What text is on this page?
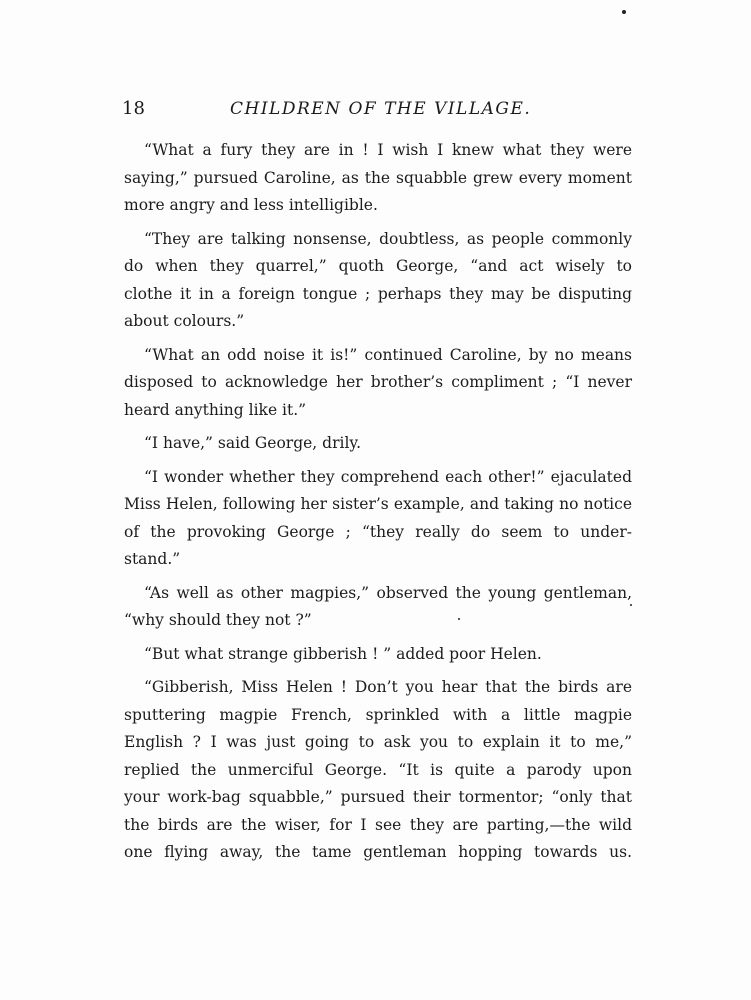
18	CHILDREN OF THE VILLAGE.
“What a fury they are in ! I wish I knew what they were
saying,” pursued Caroline, as the squabble grew every moment
more angry and less intelligible.
“They are talking nonsense, doubtless, as people commonly
do when they quarrel,” quoth George, “and act wisely to
clothe it in a foreign tongue ; perhaps they may be disputing
about colours.”
“What an odd noise it is!” continued Caroline, by no means
disposed to acknowledge her brother’s compliment ; “I never
heard anything like it.”
“I have,” said George, drily.
“I wonder whether they comprehend each other!” ejaculated
Miss Helen, following her sister’s example, and taking no notice
of the provoking George ; “they really do seem to under-
stand.”
“As well as other magpies,” observed the young gentleman,
“why should they not ?”
“But what strange gibberish ! ” added poor Helen.
“Gibberish, Miss Helen ! Don’t you hear that the birds are
sputtering magpie French, sprinkled with a little magpie
English ? I was just going to ask you to explain it to me,”
replied the unmerciful George. “It is quite a parody upon
your work-bag squabble,” pursued their tormentor; “only that
the birds are the wiser, for I see they are parting,—the wild
one flying away, the tame gentleman hopping towards us.
